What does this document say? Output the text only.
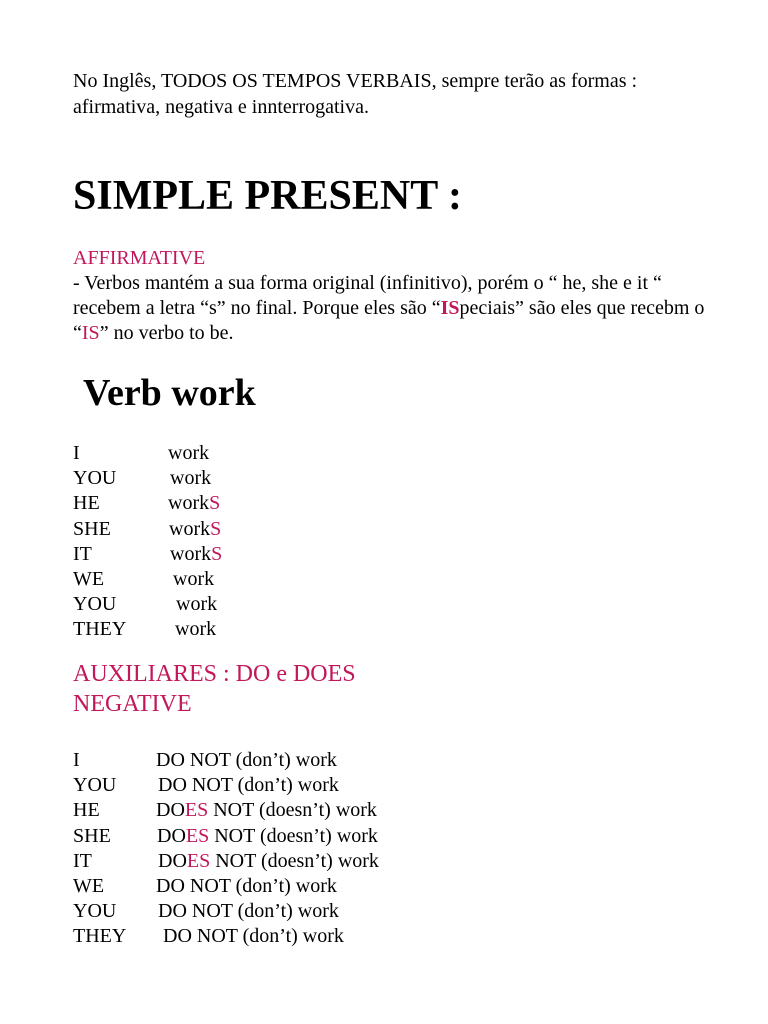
No Inglês, TODOS OS TEMPOS VERBAIS, sempre terão as formas : afirmativa, negativa e innterrogativa.
SIMPLE PRESENT :
AFFIRMATIVE
- Verbos mantém a sua forma original (infinitivo), porém o “ he, she e it “ recebem a letra “s” no final. Porque eles são “ISpeciais” são eles que recebm o “IS” no verbo to be.
Verb work
I	work
YOU	work
HE	workS
SHE	workS
IT	workS
WE	work
YOU	work
THEY work
AUXILIARES : DO e DOES
NEGATIVE
I	DO NOT (don’t) work
YOU DO NOT (don’t) work
HE	DOES NOT (doesn’t) work
SHE DOES NOT (doesn’t) work
IT	DOES NOT (doesn’t) work
WE	DO NOT (don’t) work
YOU DO NOT (don’t) work
THEY DO NOT (don’t) work
